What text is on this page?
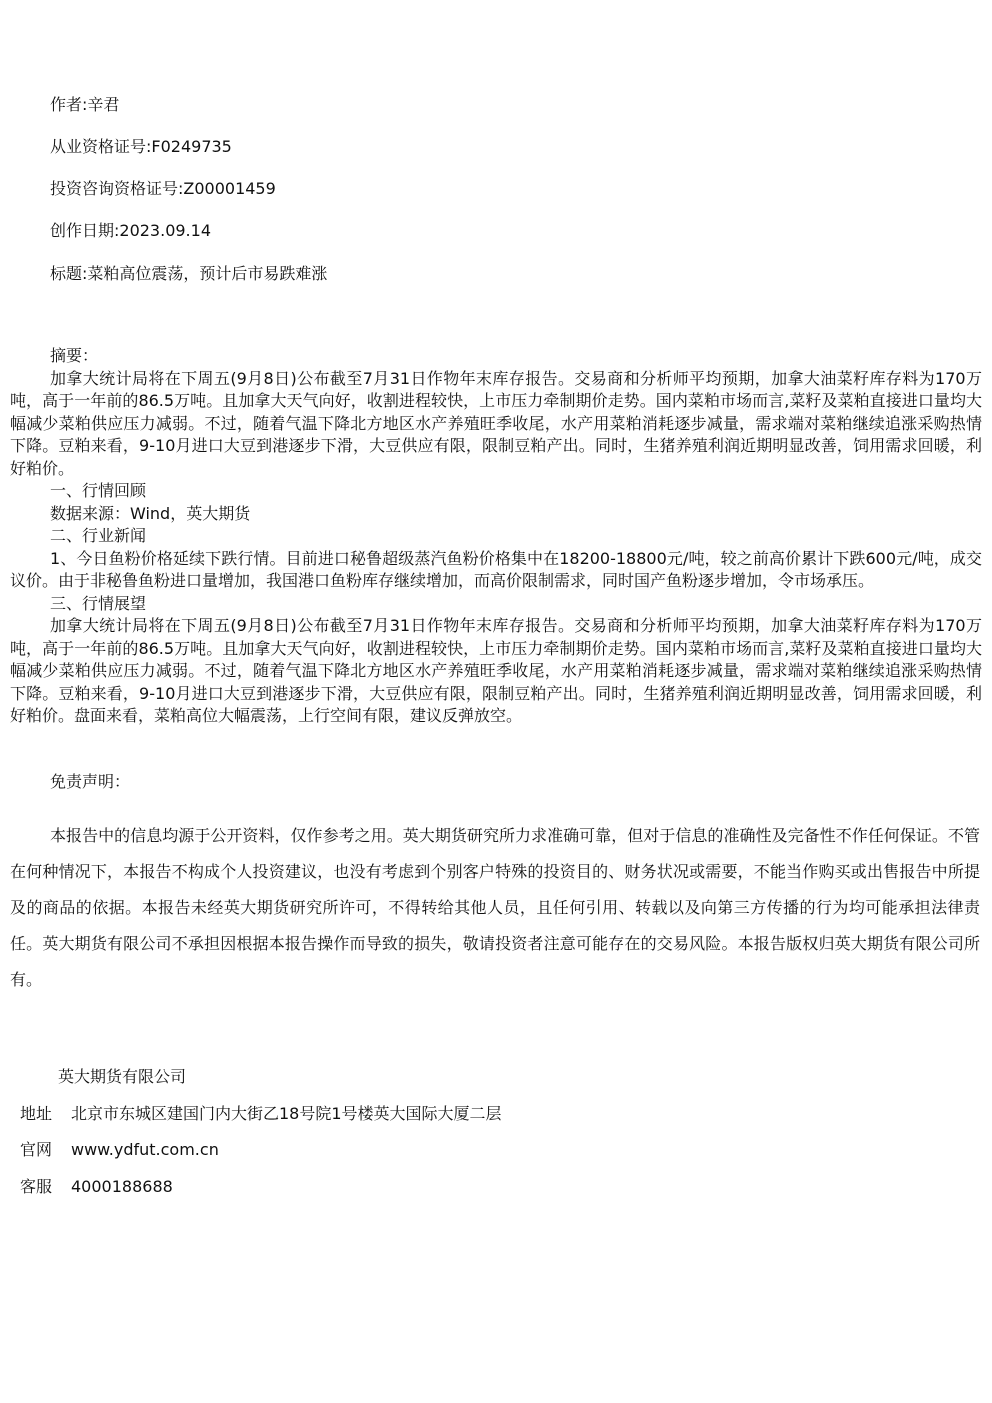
作者:辛君
从业资格证号:F0249735
投资咨询资格证号:Z00001459
创作日期:2023.09.14
标题:菜粕高位震荡，预计后市易跌难涨

摘要：

加拿大统计局将在下周五(9月8日)公布截至7月31日作物年末库存报告。交易商和分析师平均预期，加拿大油菜籽库存料为170万吨，高于一年前的86.5万吨。且加拿大天气向好，收割进程较快，上市压力牵制期价走势。国内菜粕市场而言,菜籽及菜粕直接进口量均大幅减少菜粕供应压力减弱。不过，随着气温下降北方地区水产养殖旺季收尾，水产用菜粕消耗逐步减量，需求端对菜粕继续追涨采购热情下降。豆粕来看，9-10月进口大豆到港逐步下滑，大豆供应有限，限制豆粕产出。同时，生猪养殖利润近期明显改善，饲用需求回暖，利好粕价。

一、行情回顾

数据来源：Wind，英大期货

二、行业新闻

1、今日鱼粉价格延续下跌行情。目前进口秘鲁超级蒸汽鱼粉价格集中在18200-18800元/吨，较之前高价累计下跌600元/吨，成交议价。由于非秘鲁鱼粉进口量增加，我国港口鱼粉库存继续增加，而高价限制需求，同时国产鱼粉逐步增加，令市场承压。

三、行情展望

加拿大统计局将在下周五(9月8日)公布截至7月31日作物年末库存报告。交易商和分析师平均预期，加拿大油菜籽库存料为170万吨，高于一年前的86.5万吨。且加拿大天气向好，收割进程较快，上市压力牵制期价走势。国内菜粕市场而言,菜籽及菜粕直接进口量均大幅减少菜粕供应压力减弱。不过，随着气温下降北方地区水产养殖旺季收尾，水产用菜粕消耗逐步减量，需求端对菜粕继续追涨采购热情下降。豆粕来看，9-10月进口大豆到港逐步下滑，大豆供应有限，限制豆粕产出。同时，生猪养殖利润近期明显改善，饲用需求回暖，利好粕价。盘面来看，菜粕高位大幅震荡，上行空间有限，建议反弹放空。

免责声明：
本报告中的信息均源于公开资料，仅作参考之用。英大期货研究所力求准确可靠，但对于信息的准确性及完备性不作任何保证。不管在何种情况下，本报告不构成个人投资建议，也没有考虑到个别客户特殊的投资目的、财务状况或需要，不能当作购买或出售报告中所提及的商品的依据。本报告未经英大期货研究所许可，不得转给其他人员，且任何引用、转载以及向第三方传播的行为均可能承担法律责任。英大期货有限公司不承担因根据本报告操作而导致的损失，敬请投资者注意可能存在的交易风险。本报告版权归英大期货有限公司所有。
英大期货有限公司
地址 北京市东城区建国门内大街乙18号院1号楼英大国际大厦二层
官网 www.ydfut.com.cn
客服 4000188688
